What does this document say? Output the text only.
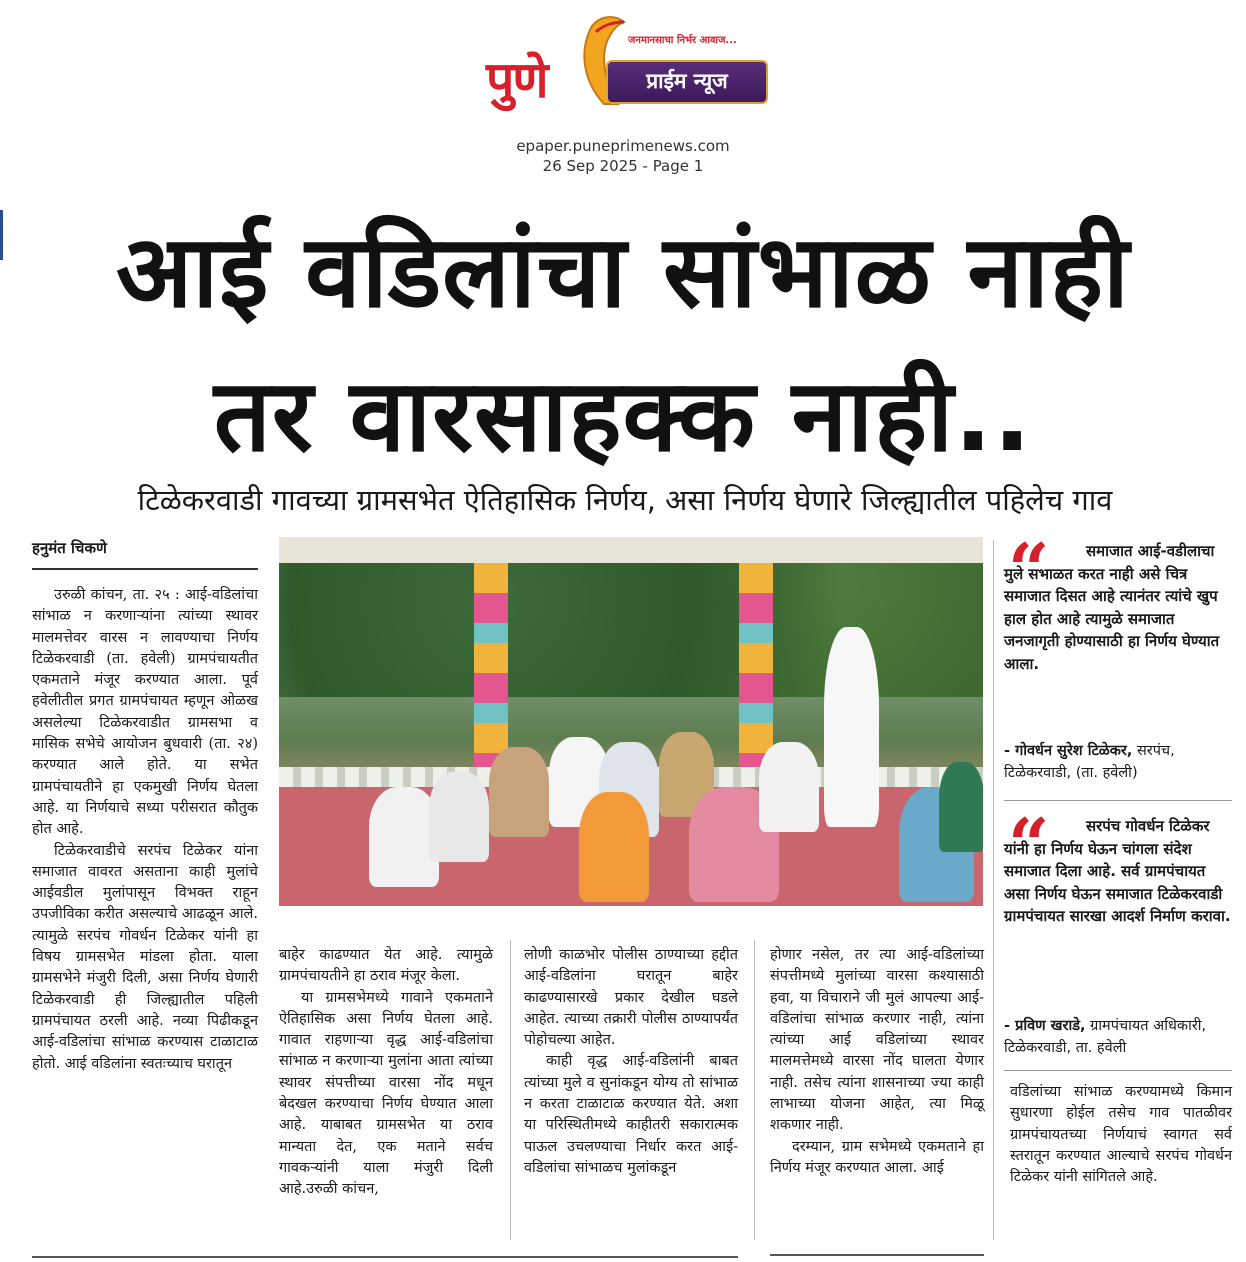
पुणे
जनमानसाचा निर्भर आवाज...
प्राईम न्यूज
epaper.puneprimenews.com
26 Sep 2025 - Page 1
आई वडिलांचा सांभाळ नाही
तर वारसाहक्क नाही..
टिळेकरवाडी गावच्या ग्रामसभेत ऐतिहासिक निर्णय, असा निर्णय घेणारे जिल्ह्यातील पहिलेच गाव
हनुमंत चिकणे

उरुळी कांचन, ता. २५ : आई-वडिलांचा सांभाळ न करणाऱ्यांना त्यांच्या स्थावर मालमत्तेवर वारस न लावण्याचा निर्णय टिळेकरवाडी (ता. हवेली) ग्रामपंचायतीत एकमताने मंजूर करण्यात आला. पूर्व हवेलीतील प्रगत ग्रामपंचायत म्हणून ओळख असलेल्या टिळेकरवाडीत ग्रामसभा व मासिक सभेचे आयोजन बुधवारी (ता. २४) करण्यात आले होते. या सभेत ग्रामपंचायतीने हा एकमुखी निर्णय घेतला आहे. या निर्णयाचे सध्या परीसरात कौतुक होत आहे.

टिळेकरवाडीचे सरपंच टिळेकर यांना समाजात वावरत असताना काही मुलांचे आईवडील मुलांपासून विभक्त राहून उपजीविका करीत असल्याचे आढळून आले. त्यामुळे सरपंच गोवर्धन टिळेकर यांनी हा विषय ग्रामसभेत मांडला होता. याला ग्रामसभेने मंजुरी दिली, असा निर्णय घेणारी टिळेकरवाडी ही जिल्ह्यातील पहिली ग्रामपंचायत ठरली आहे. नव्या पिढीकडून आई-वडिलांचा सांभाळ करण्यास टाळाटाळ होतो. आई वडिलांना स्वतःच्याच घरातून

बाहेर काढण्यात येत आहे. त्यामुळे ग्रामपंचायतीने हा ठराव मंजूर केला.

या ग्रामसभेमध्ये गावाने एकमताने ऐतिहासिक असा निर्णय घेतला आहे. गावात राहणाऱ्या वृद्ध आई-वडिलांचा सांभाळ न करणाऱ्या मुलांना आता त्यांच्या स्थावर संपत्तीच्या वारसा नोंद मधून बेदखल करण्याचा निर्णय घेण्यात आला आहे. याबाबत ग्रामसभेत या ठराव मान्यता देत, एक मताने सर्वच गावकऱ्यांनी याला मंजुरी दिली आहे.उरुळी कांचन,

लोणी काळभोर पोलीस ठाण्याच्या हद्दीत आई-वडिलांना घरातून बाहेर काढण्यासारखे प्रकार देखील घडले आहेत. त्याच्या तक्रारी पोलीस ठाण्यापर्यंत पोहोचल्या आहेत.

काही वृद्ध आई-वडिलांनी बाबत त्यांच्या मुले व सुनांकडून योग्य तो सांभाळ न करता टाळाटाळ करण्यात येते. अशा या परिस्थितीमध्ये काहीतरी सकारात्मक पाऊल उचलण्याचा निर्धार करत आई-वडिलांचा सांभाळच मुलांकडून

होणार नसेल, तर त्या आई-वडिलांच्या संपत्तीमध्ये मुलांच्या वारसा कश्यासाठी हवा, या विचाराने जी मुलं आपल्या आई-वडिलांचा सांभाळ करणार नाही, त्यांना त्यांच्या आई वडिलांच्या स्थावर मालमत्तेमध्ये वारसा नोंद घालता येणार नाही. तसेच त्यांना शासनाच्या ज्या काही लाभाच्या योजना आहेत, त्या मिळू शकणार नाही.

दरम्यान, ग्राम सभेमध्ये एकमताने हा निर्णय मंजूर करण्यात आला. आई

“	समाजात आई-वडीलाचा मुले सभाळत करत नाही असे चित्र समाजात दिसत आहे त्यानंतर त्यांचे खुप हाल होत आहे त्यामुळे समाजात जनजागृती होण्यासाठी हा निर्णय घेण्यात आला.
- गोवर्धन सुरेश टिळेकर, सरपंच, टिळेकरवाडी, (ता. हवेली)
“	सरपंच गोवर्धन टिळेकर यांनी हा निर्णय घेऊन चांगला संदेश समाजात दिला आहे. सर्व ग्रामपंचायत असा निर्णय घेऊन समाजात टिळेकरवाडी ग्रामपंचायत सारखा आदर्श निर्माण करावा.
- प्रविण खराडे, ग्रामपंचायत अधिकारी, टिळेकरवाडी, ता. हवेली

वडिलांच्या सांभाळ करण्यामध्ये किमान सुधारणा होईल तसेच गाव पातळीवर ग्रामपंचायतच्या निर्णयाचं स्वागत सर्व स्तरातून करण्यात आल्याचे सरपंच गोवर्धन टिळेकर यांनी सांगितले आहे.
